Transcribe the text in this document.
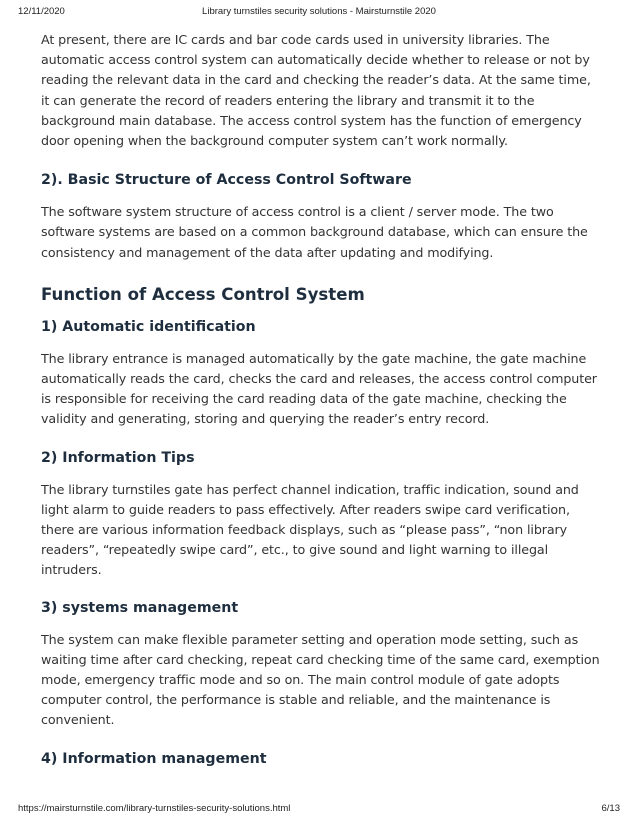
12/11/2020	Library turnstiles security solutions - Mairsturnstile 2020

At present, there are IC cards and bar code cards used in university libraries. The automatic access control system can automatically decide whether to release or not by reading the relevant data in the card and checking the reader’s data. At the same time, it can generate the record of readers entering the library and transmit it to the background main database. The access control system has the function of emergency door opening when the background computer system can’t work normally.

2). Basic Structure of Access Control Software

The software system structure of access control is a client / server mode. The two software systems are based on a common background database, which can ensure the consistency and management of the data after updating and modifying.

Function of Access Control System
1) Automatic identification

The library entrance is managed automatically by the gate machine, the gate machine automatically reads the card, checks the card and releases, the access control computer is responsible for receiving the card reading data of the gate machine, checking the validity and generating, storing and querying the reader’s entry record.

2) Information Tips

The library turnstiles gate has perfect channel indication, traffic indication, sound and light alarm to guide readers to pass effectively. After readers swipe card verification, there are various information feedback displays, such as “please pass”, “non library readers”, “repeatedly swipe card”, etc., to give sound and light warning to illegal intruders.

3) systems management

The system can make flexible parameter setting and operation mode setting, such as waiting time after card checking, repeat card checking time of the same card, exemption mode, emergency traffic mode and so on. The main control module of gate adopts computer control, the performance is stable and reliable, and the maintenance is convenient.

4) Information management
https://mairsturnstile.com/library-turnstiles-security-solutions.html	6/13
